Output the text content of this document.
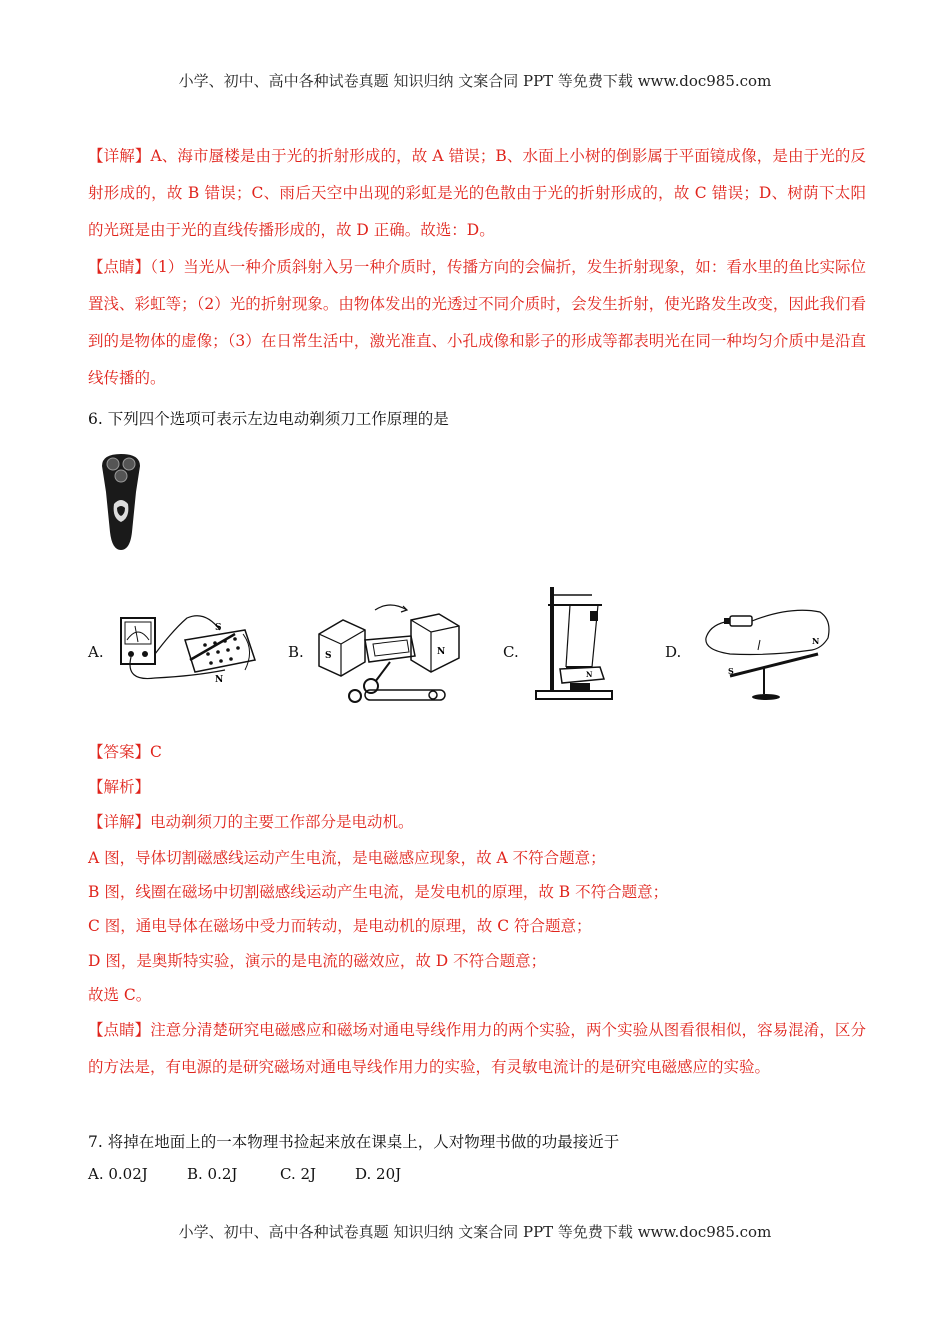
小学、初中、高中各种试卷真题 知识归纳 文案合同 PPT 等免费下载 www.doc985.com
【详解】A、海市蜃楼是由于光的折射形成的，故 A 错误；B、水面上小树的倒影属于平面镜成像，是由于光的反射形成的，故 B 错误；C、雨后天空中出现的彩虹是光的色散由于光的折射形成的，故 C 错误；D、树荫下太阳的光斑是由于光的直线传播形成的，故 D 正确。故选：D。
【点睛】（1）当光从一种介质斜射入另一种介质时，传播方向的会偏折，发生折射现象，如：看水里的鱼比实际位置浅、彩虹等；（2）光的折射现象。由物体发出的光透过不同介质时，会发生折射，使光路发生改变，因此我们看到的是物体的虚像；（3）在日常生活中，激光准直、小孔成像和影子的形成等都表明光在同一种均匀介质中是沿直线传播的。
6. 下列四个选项可表示左边电动剃须刀工作原理的是
A.	B.	C.	D.
S
N
S	N
N	S
N
【答案】C
【解析】
【详解】电动剃须刀的主要工作部分是电动机。
A 图，导体切割磁感线运动产生电流，是电磁感应现象，故 A 不符合题意；
B 图，线圈在磁场中切割磁感线运动产生电流，是发电机的原理，故 B 不符合题意；
C 图，通电导体在磁场中受力而转动，是电动机的原理，故 C 符合题意；
D 图，是奥斯特实验，演示的是电流的磁效应，故 D 不符合题意；
故选 C。
【点睛】注意分清楚研究电磁感应和磁场对通电导线作用力的两个实验，两个实验从图看很相似，容易混淆，区分的方法是，有电源的是研究磁场对通电导线作用力的实验，有灵敏电流计的是研究电磁感应的实验。
7. 将掉在地面上的一本物理书捡起来放在课桌上，人对物理书做的功最接近于
A. 0.02J	B. 0.2J	C. 2J	D. 20J
小学、初中、高中各种试卷真题 知识归纳 文案合同 PPT 等免费下载 www.doc985.com
